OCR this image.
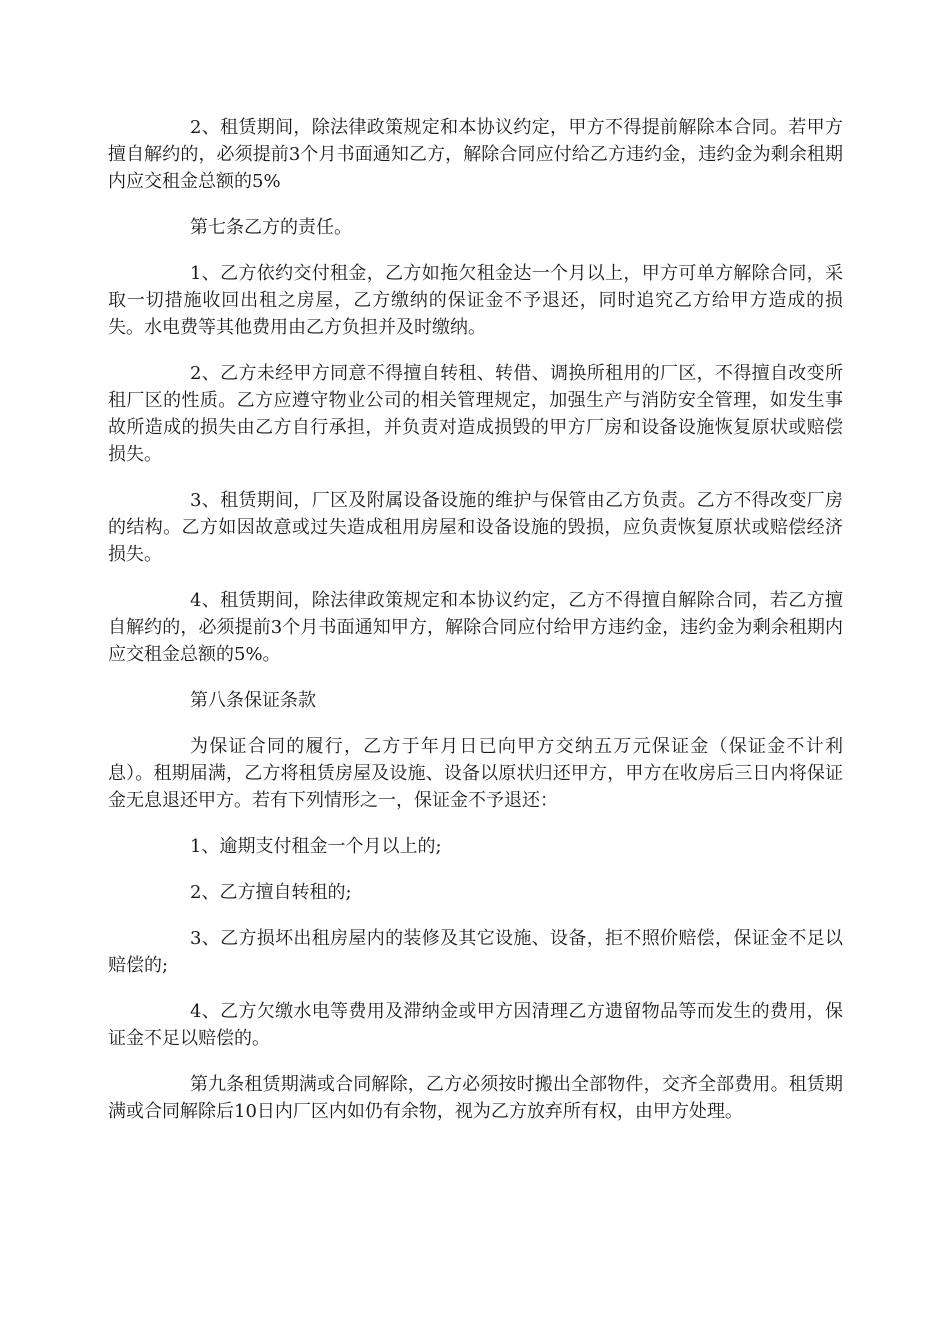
2、租赁期间，除法律政策规定和本协议约定，甲方不得提前解除本合同。若甲方擅自解约的，必须提前3个月书面通知乙方，解除合同应付给乙方违约金，违约金为剩余租期内应交租金总额的5%

第七条乙方的责任。

1、乙方依约交付租金，乙方如拖欠租金达一个月以上，甲方可单方解除合同，采取一切措施收回出租之房屋，乙方缴纳的保证金不予退还，同时追究乙方给甲方造成的损失。水电费等其他费用由乙方负担并及时缴纳。

2、乙方未经甲方同意不得擅自转租、转借、调换所租用的厂区，不得擅自改变所租厂区的性质。乙方应遵守物业公司的相关管理规定，加强生产与消防安全管理，如发生事故所造成的损失由乙方自行承担，并负责对造成损毁的甲方厂房和设备设施恢复原状或赔偿损失。

3、租赁期间，厂区及附属设备设施的维护与保管由乙方负责。乙方不得改变厂房的结构。乙方如因故意或过失造成租用房屋和设备设施的毁损，应负责恢复原状或赔偿经济损失。

4、租赁期间，除法律政策规定和本协议约定，乙方不得擅自解除合同，若乙方擅自解约的，必须提前3个月书面通知甲方，解除合同应付给甲方违约金，违约金为剩余租期内应交租金总额的5%。

第八条保证条款

为保证合同的履行，乙方于年月日已向甲方交纳五万元保证金（保证金不计利息）。租期届满，乙方将租赁房屋及设施、设备以原状归还甲方，甲方在收房后三日内将保证金无息退还甲方。若有下列情形之一，保证金不予退还：

1、逾期支付租金一个月以上的;

2、乙方擅自转租的;

3、乙方损坏出租房屋内的装修及其它设施、设备，拒不照价赔偿，保证金不足以赔偿的;

4、乙方欠缴水电等费用及滞纳金或甲方因清理乙方遗留物品等而发生的费用，保证金不足以赔偿的。

第九条租赁期满或合同解除，乙方必须按时搬出全部物件，交齐全部费用。租赁期满或合同解除后10日内厂区内如仍有余物，视为乙方放弃所有权，由甲方处理。
